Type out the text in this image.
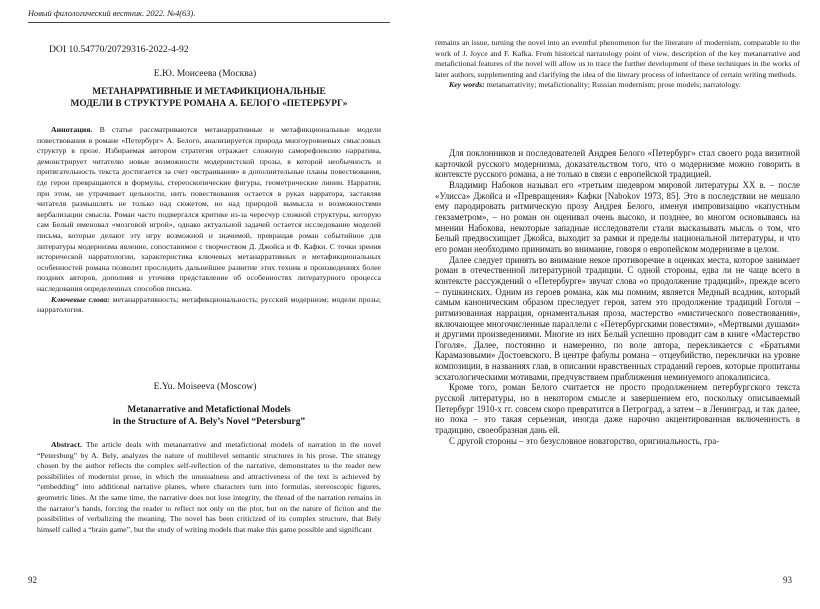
Новый филологический вестник. 2022. №4(63).
DOI 10.54770/20729316-2022-4-92
Е.Ю. Моисеева (Москва)
МЕТАНАРРАТИВНЫЕ И МЕТАФИКЦИОНАЛЬНЫЕ
МОДЕЛИ В СТРУКТУРЕ РОМАНА А. БЕЛОГО «ПЕТЕРБУРГ»

Аннотация. В статье рассматриваются метанарративные и метафикциональные модели повествования в романе «Петербург» А. Белого, анализируется природа многоуровневых смысловых структур в прозе. Избираемая автором стратегия отражает сложную саморефлексию нарратива, демонстрирует читателю новые возможности модернистской прозы, в которой необычность и притягательность текста достигается за счет «встраивания» в дополнительные планы повествования, где герои превращаются в формулы, стереоскопические фигуры, геометрические линии. Нарратив, при этом, не утрачивает цельности, нить повествования остается в руках нарратора, заставляя читателя размышлять не только над сюжетом, но над природой вымысла и возможностями вербализации смысла. Роман часто подвергался критике из-за чересчур сложной структуры, которую сам Белый именовал «мозговой игрой», однако актуальной задачей остается исследование моделей письма, которые делают эту игру возможной и значимой, превращая роман событийное для литературы модернизма явление, сопоставимое с творчеством Д. Джойса и Ф. Кафки. С точки зрения исторической нарратологии, характеристика ключевых метанарративных и метафикциональных особенностей романа позволит проследить дальнейшее развитие этих техник в произведениях более поздних авторов, дополняя и уточняя представление об особенностях литературного процесса наследования определенных способов письма.

Ключевые слова: метанарративность; метафикциональность; русский модернизм; модели прозы; нарратология.

E.Yu. Moiseeva (Moscow)
Metanarrative and Metafictional Models
in the Structure of A. Bely’s Novel “Petersburg”

Abstract. The article deals with metanarrative and metafictional models of narration in the novel “Petersburg” by A. Bely, analyzes the nature of multilevel semantic structures in his prose. The strategy chosen by the author reflects the complex self-reflection of the narrative, demonstrates to the reader new possibilities of modernist prose, in which the unusualness and attractiveness of the text is achieved by “embedding” into additional narrative planes, where characters turn into formulas, stereoscopic figures, geometric lines. At the same time, the narrative does not lose integrity, the thread of the narration remains in the narrator’s hands, forcing the reader to reflect not only on the plot, but on the nature of fiction and the possibilities of verbalizing the meaning. The novel has been criticized of its complex structure, that Bely himself called a “brain game”, but the study of writing models that make this game possible and significant

92

remains an issue, turning the novel into an eventful phenomenon for the literature of modernism, comparable to the work of J. Joyce and F. Kafka. From historical narratology point of view, description of the key metanarrative and metafictional features of the novel will allow us to trace the further development of these techniques in the works of later authors, supplementing and clarifying the idea of the literary process of inheritance of certain writing methods.

Key words: metanarrativity; metafictionality; Russian modernism; prose models; narratology.

Для поклонников и последователей Андрея Белого «Петербург» стал своего рода визитной карточкой русского модернизма, доказательством того, что о модернизме можно говорить в контексте русского романа, а не только в связи с европейской традицией.

Владимир Набоков называл его «третьим шедевром мировой литературы XX в. – после «Улисса» Джойса и «Превращения» Кафки [Nabokov 1973, 85]. Это в последствии не мешало ему пародировать ритмическую прозу Андрея Белого, именуя импровизацию «капустным гекзаметром», – но роман он оценивал очень высоко, и позднее, во многом основываясь на мнении Набокова, некоторые западные исследователи стали высказывать мысль о том, что Белый предвосхищает Джойса, выходит за рамки и пределы национальной литературы, и что его роман необходимо принимать во внимание, говоря о европейском модернизме в целом.

Далее следует принять во внимание некое противоречие в оценках места, которое занимает роман в отечественной литературной традиции. С одной стороны, едва ли не чаще всего в контексте рассуждений о «Петербурге» звучат слова «о продолжение традиций», прежде всего – пушкинских. Одним из героев романа, как мы помним, является Медный всадник, который самым каноническим образом преследует героя, затем это продолжение традиций Гоголя – ритмизованная наррация, орнаментальная проза, мастерство «мистического повествования», включающее многочисленные параллели с «Петербургскими повестями», «Мертвыми душами» и другими произведениями. Многие из них Белый успешно проводит сам в книге «Мастерство Гоголя». Далее, постоянно и намеренно, по воле автора, перекликается с «Братьями Карамазовыми» Достоевского. В центре фабулы романа – отцеубийство, переклички на уровне композиции, в названиях глав, в описании нравственных страданий героев, которые пропитаны эсхатологическими мотивами, предчувствием приближения неминуемого апокалипсиса.

Кроме того, роман Белого считается не просто продолжением петербургского текста русской литературы, но в некотором смысле и завершением его, поскольку описываемый Петербург 1910-х гг. совсем скоро превратится в Петроград, а затем – в Ленинград, и так далее, но пока – это такая серьезная, иногда даже нарочно акцентированная включенность в традицию, своеобразная дань ей.

С другой стороны – это безусловное новаторство, оригинальность, гра-

93
